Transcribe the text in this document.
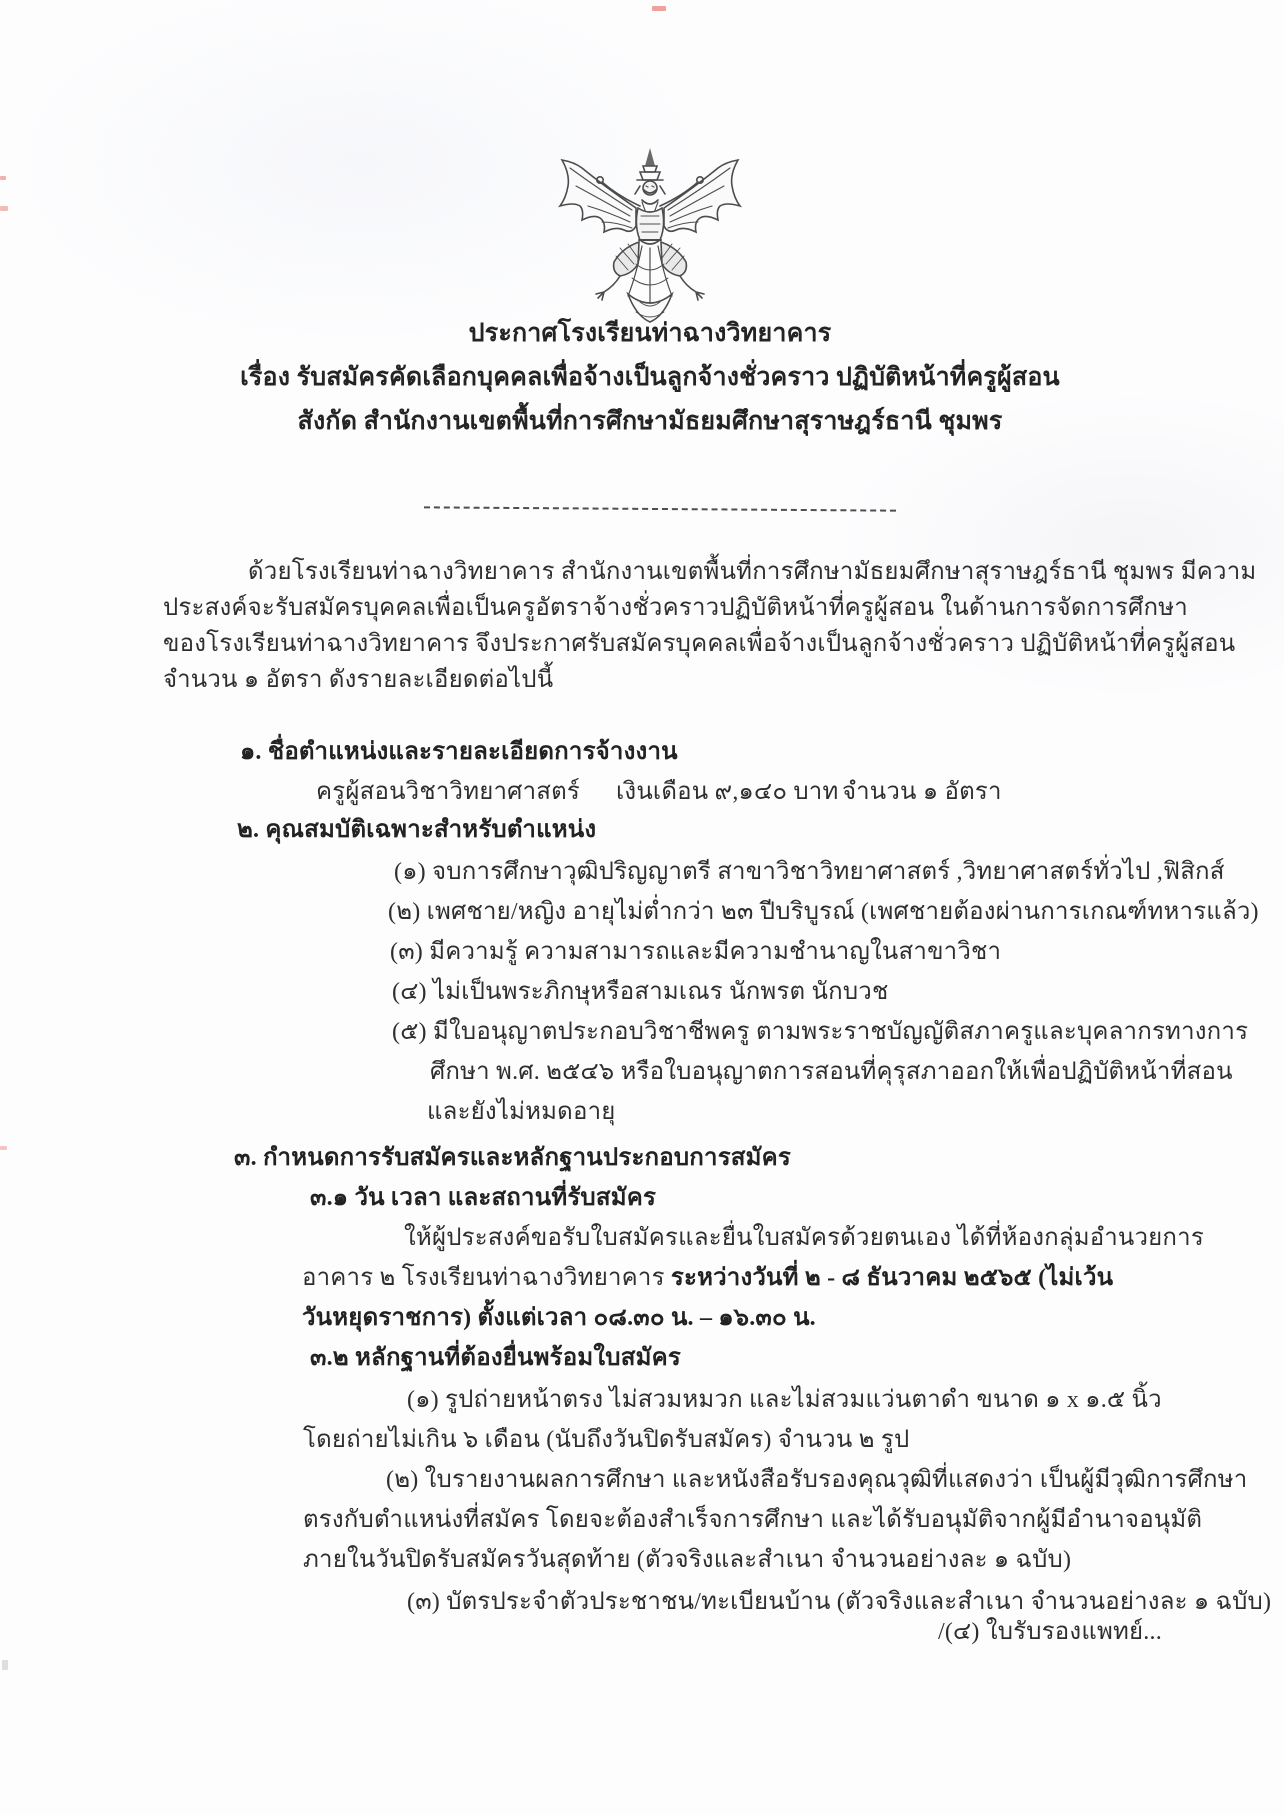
ประกาศโรงเรียนท่าฉางวิทยาคาร
เรื่อง รับสมัครคัดเลือกบุคคลเพื่อจ้างเป็นลูกจ้างชั่วคราว ปฏิบัติหน้าที่ครูผู้สอน
สังกัด สำนักงานเขตพื้นที่การศึกษามัธยมศึกษาสุราษฎร์ธานี ชุมพร
ด้วยโรงเรียนท่าฉางวิทยาคาร สำนักงานเขตพื้นที่การศึกษามัธยมศึกษาสุราษฎร์ธานี ชุมพร มีความ
ประสงค์จะรับสมัครบุคคลเพื่อเป็นครูอัตราจ้างชั่วคราวปฏิบัติหน้าที่ครูผู้สอน ในด้านการจัดการศึกษา
ของโรงเรียนท่าฉางวิทยาคาร จึงประกาศรับสมัครบุคคลเพื่อจ้างเป็นลูกจ้างชั่วคราว ปฏิบัติหน้าที่ครูผู้สอน
จำนวน ๑ อัตรา ดังรายละเอียดต่อไปนี้
๑. ชื่อตำแหน่งและรายละเอียดการจ้างงาน
ครูผู้สอนวิชาวิทยาศาสตร์ เงินเดือน ๙,๑๔๐ บาท จำนวน ๑ อัตรา
๒. คุณสมบัติเฉพาะสำหรับตำแหน่ง
(๑) จบการศึกษาวุฒิปริญญาตรี สาขาวิชาวิทยาศาสตร์ ,วิทยาศาสตร์ทั่วไป ,ฟิสิกส์
(๒) เพศชาย/หญิง อายุไม่ต่ำกว่า ๒๓ ปีบริบูรณ์ (เพศชายต้องผ่านการเกณฑ์ทหารแล้ว)
(๓) มีความรู้ ความสามารถและมีความชำนาญในสาขาวิชา
(๔) ไม่เป็นพระภิกษุหรือสามเณร นักพรต นักบวช
(๕) มีใบอนุญาตประกอบวิชาชีพครู ตามพระราชบัญญัติสภาครูและบุคลากรทางการ
ศึกษา พ.ศ. ๒๕๔๖ หรือใบอนุญาตการสอนที่คุรุสภาออกให้เพื่อปฏิบัติหน้าที่สอน
และยังไม่หมดอายุ
๓. กำหนดการรับสมัครและหลักฐานประกอบการสมัคร
๓.๑ วัน เวลา และสถานที่รับสมัคร
ให้ผู้ประสงค์ขอรับใบสมัครและยื่นใบสมัครด้วยตนเอง ได้ที่ห้องกลุ่มอำนวยการ
อาคาร ๒ โรงเรียนท่าฉางวิทยาคาร ระหว่างวันที่ ๒ - ๘ ธันวาคม ๒๕๖๕ (ไม่เว้น
วันหยุดราชการ) ตั้งแต่เวลา ๐๘.๓๐ น. – ๑๖.๓๐ น.
๓.๒ หลักฐานที่ต้องยื่นพร้อมใบสมัคร
(๑) รูปถ่ายหน้าตรง ไม่สวมหมวก และไม่สวมแว่นตาดำ ขนาด ๑ x ๑.๕ นิ้ว
โดยถ่ายไม่เกิน ๖ เดือน (นับถึงวันปิดรับสมัคร) จำนวน ๒ รูป
(๒) ใบรายงานผลการศึกษา และหนังสือรับรองคุณวุฒิที่แสดงว่า เป็นผู้มีวุฒิการศึกษา
ตรงกับตำแหน่งที่สมัคร โดยจะต้องสำเร็จการศึกษา และได้รับอนุมัติจากผู้มีอำนาจอนุมัติ
ภายในวันปิดรับสมัครวันสุดท้าย (ตัวจริงและสำเนา จำนวนอย่างละ ๑ ฉบับ)
(๓) บัตรประจำตัวประชาชน/ทะเบียนบ้าน (ตัวจริงและสำเนา จำนวนอย่างละ ๑ ฉบับ)
/(๔) ใบรับรองแพทย์...
